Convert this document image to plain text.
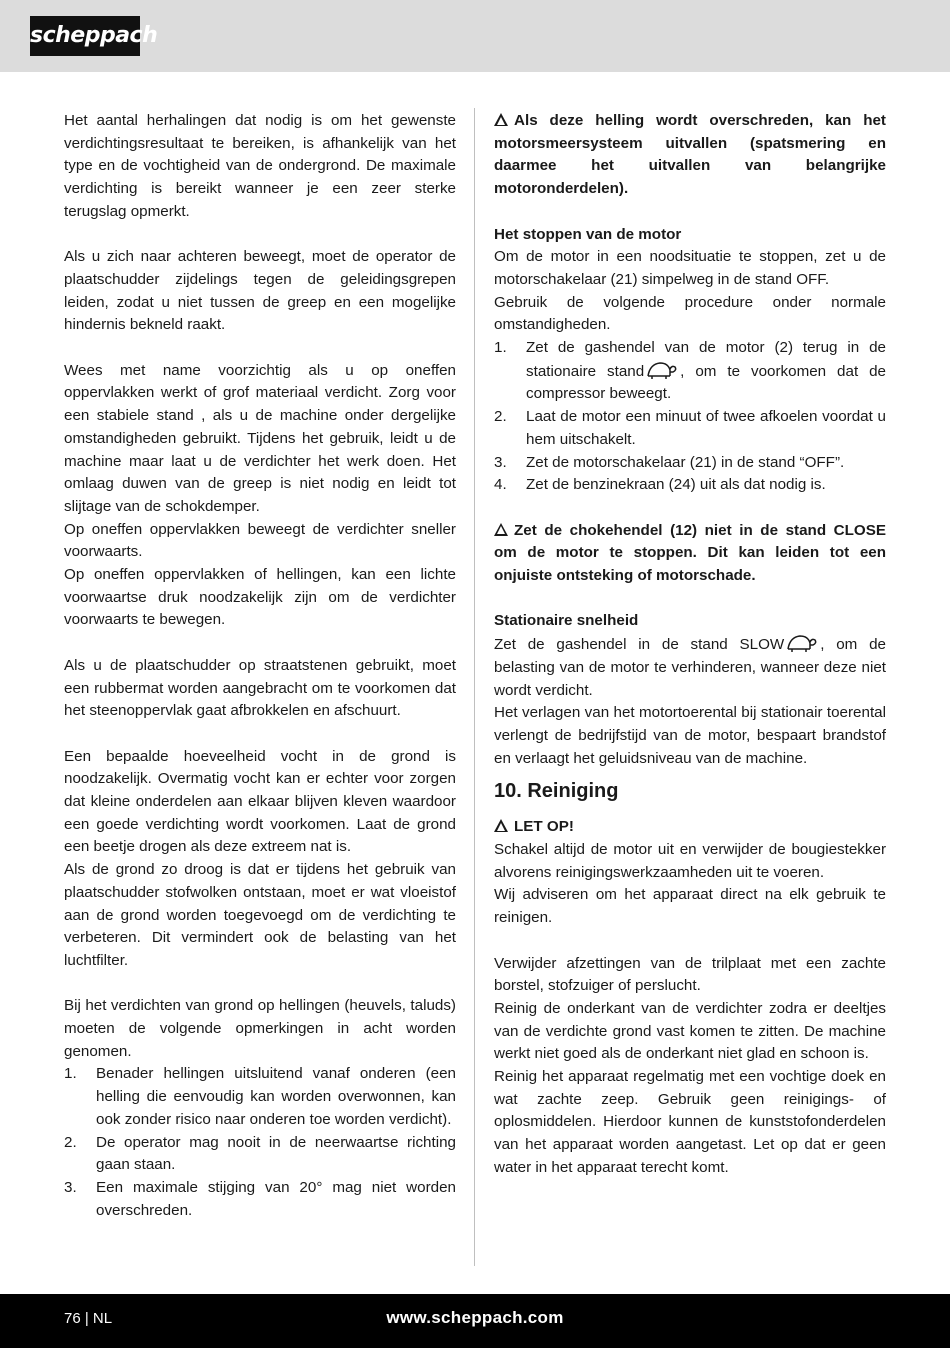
scheppach

Het aantal herhalingen dat nodig is om het gewenste verdichtingsresultaat te bereiken, is afhankelijk van het type en de vochtigheid van de ondergrond. De maximale verdichting is bereikt wanneer je een zeer sterke terugslag opmerkt.

Als u zich naar achteren beweegt, moet de operator de plaatschudder zijdelings tegen de geleidingsgrepen leiden, zodat u niet tussen de greep en een mogelijke hindernis bekneld raakt.

Wees met name voorzichtig als u op oneffen oppervlakken werkt of grof materiaal verdicht. Zorg voor een stabiele stand , als u de machine onder dergelijke omstandigheden gebruikt. Tijdens het gebruik, leidt u de machine maar laat u de verdichter het werk doen. Het omlaag duwen van de greep is niet nodig en leidt tot slijtage van de schokdemper.

Op oneffen oppervlakken beweegt de verdichter sneller voorwaarts.

Op oneffen oppervlakken of hellingen, kan een lichte voorwaartse druk noodzakelijk zijn om de verdichter voorwaarts te bewegen.

Als u de plaatschudder op straatstenen gebruikt, moet een rubbermat worden aangebracht om te voorkomen dat het steenoppervlak gaat afbrokkelen en afschuurt.

Een bepaalde hoeveelheid vocht in de grond is noodzakelijk. Overmatig vocht kan er echter voor zorgen dat kleine onderdelen aan elkaar blijven kleven waardoor een goede verdichting wordt voorkomen. Laat de grond een beetje drogen als deze extreem nat is.

Als de grond zo droog is dat er tijdens het gebruik van plaatschudder stofwolken ontstaan, moet er wat vloeistof aan de grond worden toegevoegd om de verdichting te verbeteren. Dit vermindert ook de belasting van het luchtfilter.

Bij het verdichten van grond op hellingen (heuvels, taluds) moeten de volgende opmerkingen in acht worden genomen.

1. Benader hellingen uitsluitend vanaf onderen (een helling die eenvoudig kan worden overwonnen, kan ook zonder risico naar onderen toe worden verdicht).
2. De operator mag nooit in de neerwaartse richting gaan staan.
3. Een maximale stijging van 20° mag niet worden overschreden.

Als deze helling wordt overschreden, kan het motorsmeersysteem uitvallen (spatsmering en daarmee het uitvallen van belangrijke motoronderdelen).

Het stoppen van de motor

Om de motor in een noodsituatie te stoppen, zet u de motorschakelaar (21) simpelweg in de stand OFF.

Gebruik de volgende procedure onder normale omstandigheden.

1. Zet de gashendel van de motor (2) terug in de stationaire stand , om te voorkomen dat de compressor beweegt.
2. Laat de motor een minuut of twee afkoelen voordat u hem uitschakelt.
3. Zet de motorschakelaar (21) in de stand “OFF”.
4. Zet de benzinekraan (24) uit als dat nodig is.

Zet de chokehendel (12) niet in de stand CLOSE om de motor te stoppen. Dit kan leiden tot een onjuiste ontsteking of motorschade.

Stationaire snelheid

Zet de gashendel in de stand SLOW , om de belasting van de motor te verhinderen, wanneer deze niet wordt verdicht.

Het verlagen van het motortoerental bij stationair toerental verlengt de bedrijfstijd van de motor, bespaart brandstof en verlaagt het geluidsniveau van de machine.

10. Reiniging

LET OP!

Schakel altijd de motor uit en verwijder de bougiestekker alvorens reinigingswerkzaamheden uit te voeren.

Wij adviseren om het apparaat direct na elk gebruik te reinigen.

Verwijder afzettingen van de trilplaat met een zachte borstel, stofzuiger of perslucht.

Reinig de onderkant van de verdichter zodra er deeltjes van de verdichte grond vast komen te zitten. De machine werkt niet goed als de onderkant niet glad en schoon is.

Reinig het apparaat regelmatig met een vochtige doek en wat zachte zeep. Gebruik geen reinigings- of oplosmiddelen. Hierdoor kunnen de kunststofonderdelen van het apparaat worden aangetast. Let op dat er geen water in het apparaat terecht komt.

76 | NL	www.scheppach.com
